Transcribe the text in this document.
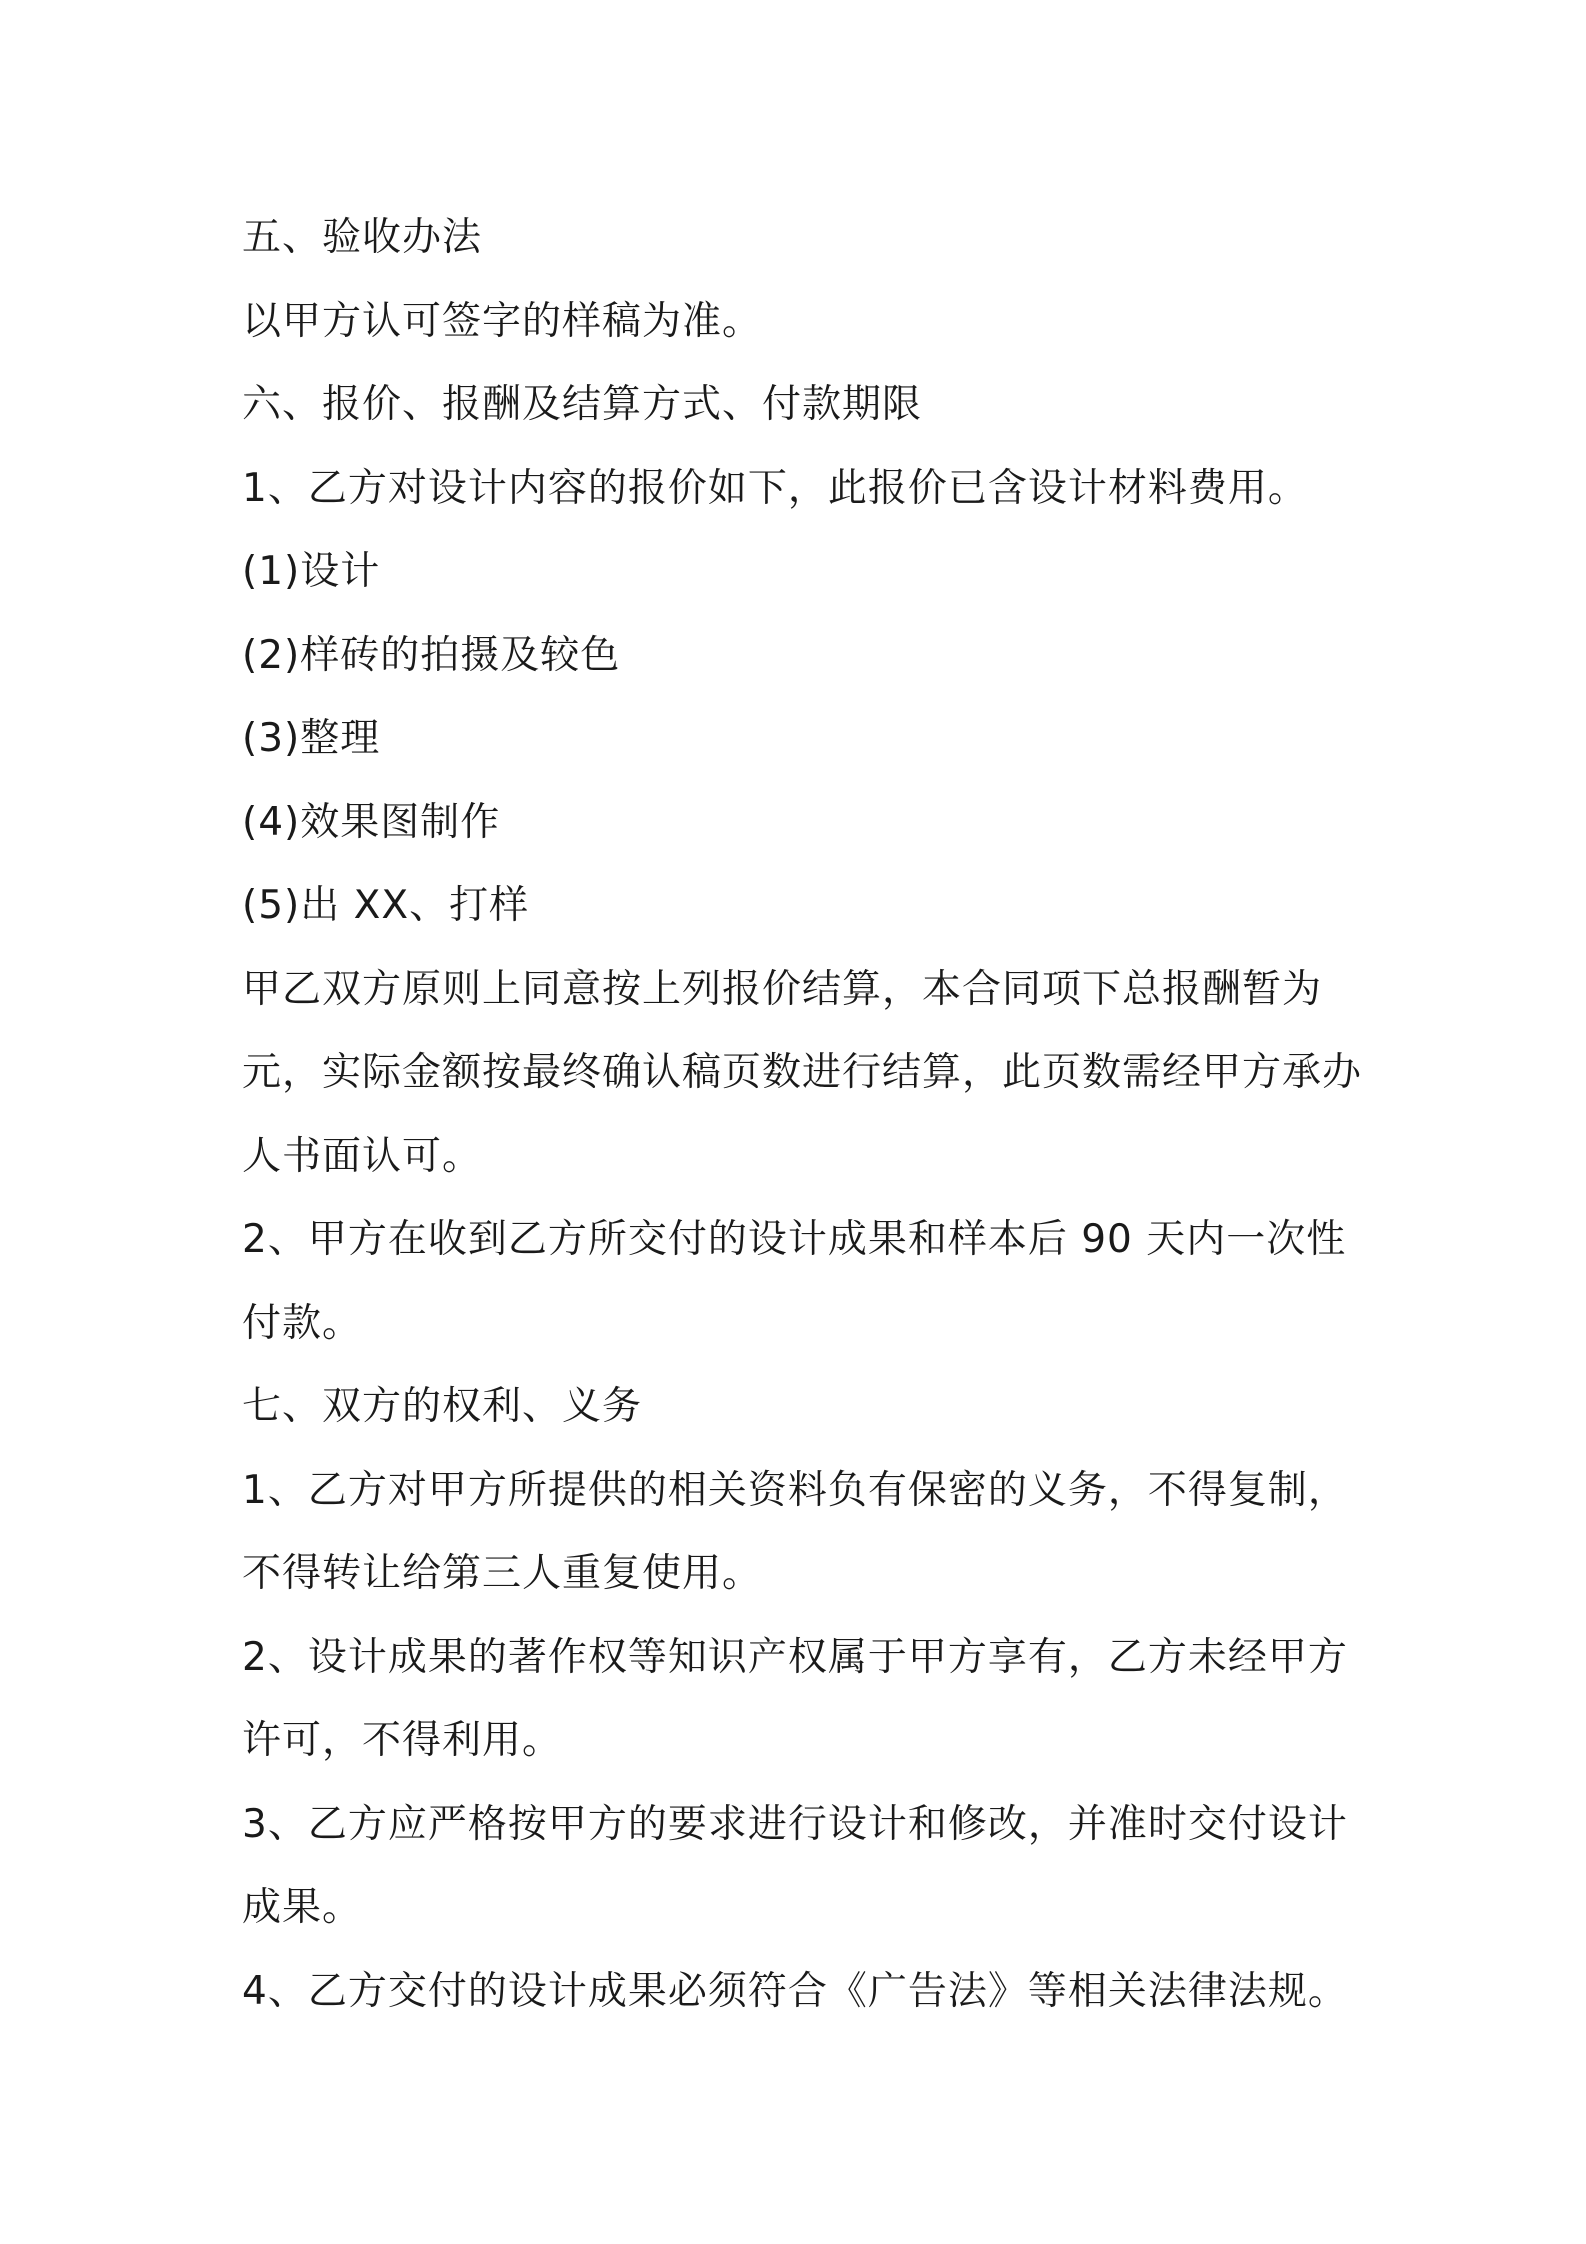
五、验收办法

以甲方认可签字的样稿为准。

六、报价、报酬及结算方式、付款期限

1、乙方对设计内容的报价如下，此报价已含设计材料费用。

(1)设计

(2)样砖的拍摄及较色

(3)整理

(4)效果图制作

(5)出 XX、打样

甲乙双方原则上同意按上列报价结算，本合同项下总报酬暂为

元，实际金额按最终确认稿页数进行结算，此页数需经甲方承办

人书面认可。

2、甲方在收到乙方所交付的设计成果和样本后 90 天内一次性

付款。

七、双方的权利、义务

1、乙方对甲方所提供的相关资料负有保密的义务，不得复制，

不得转让给第三人重复使用。

2、设计成果的著作权等知识产权属于甲方享有，乙方未经甲方

许可，不得利用。

3、乙方应严格按甲方的要求进行设计和修改，并准时交付设计

成果。

4、乙方交付的设计成果必须符合《广告法》等相关法律法规。
